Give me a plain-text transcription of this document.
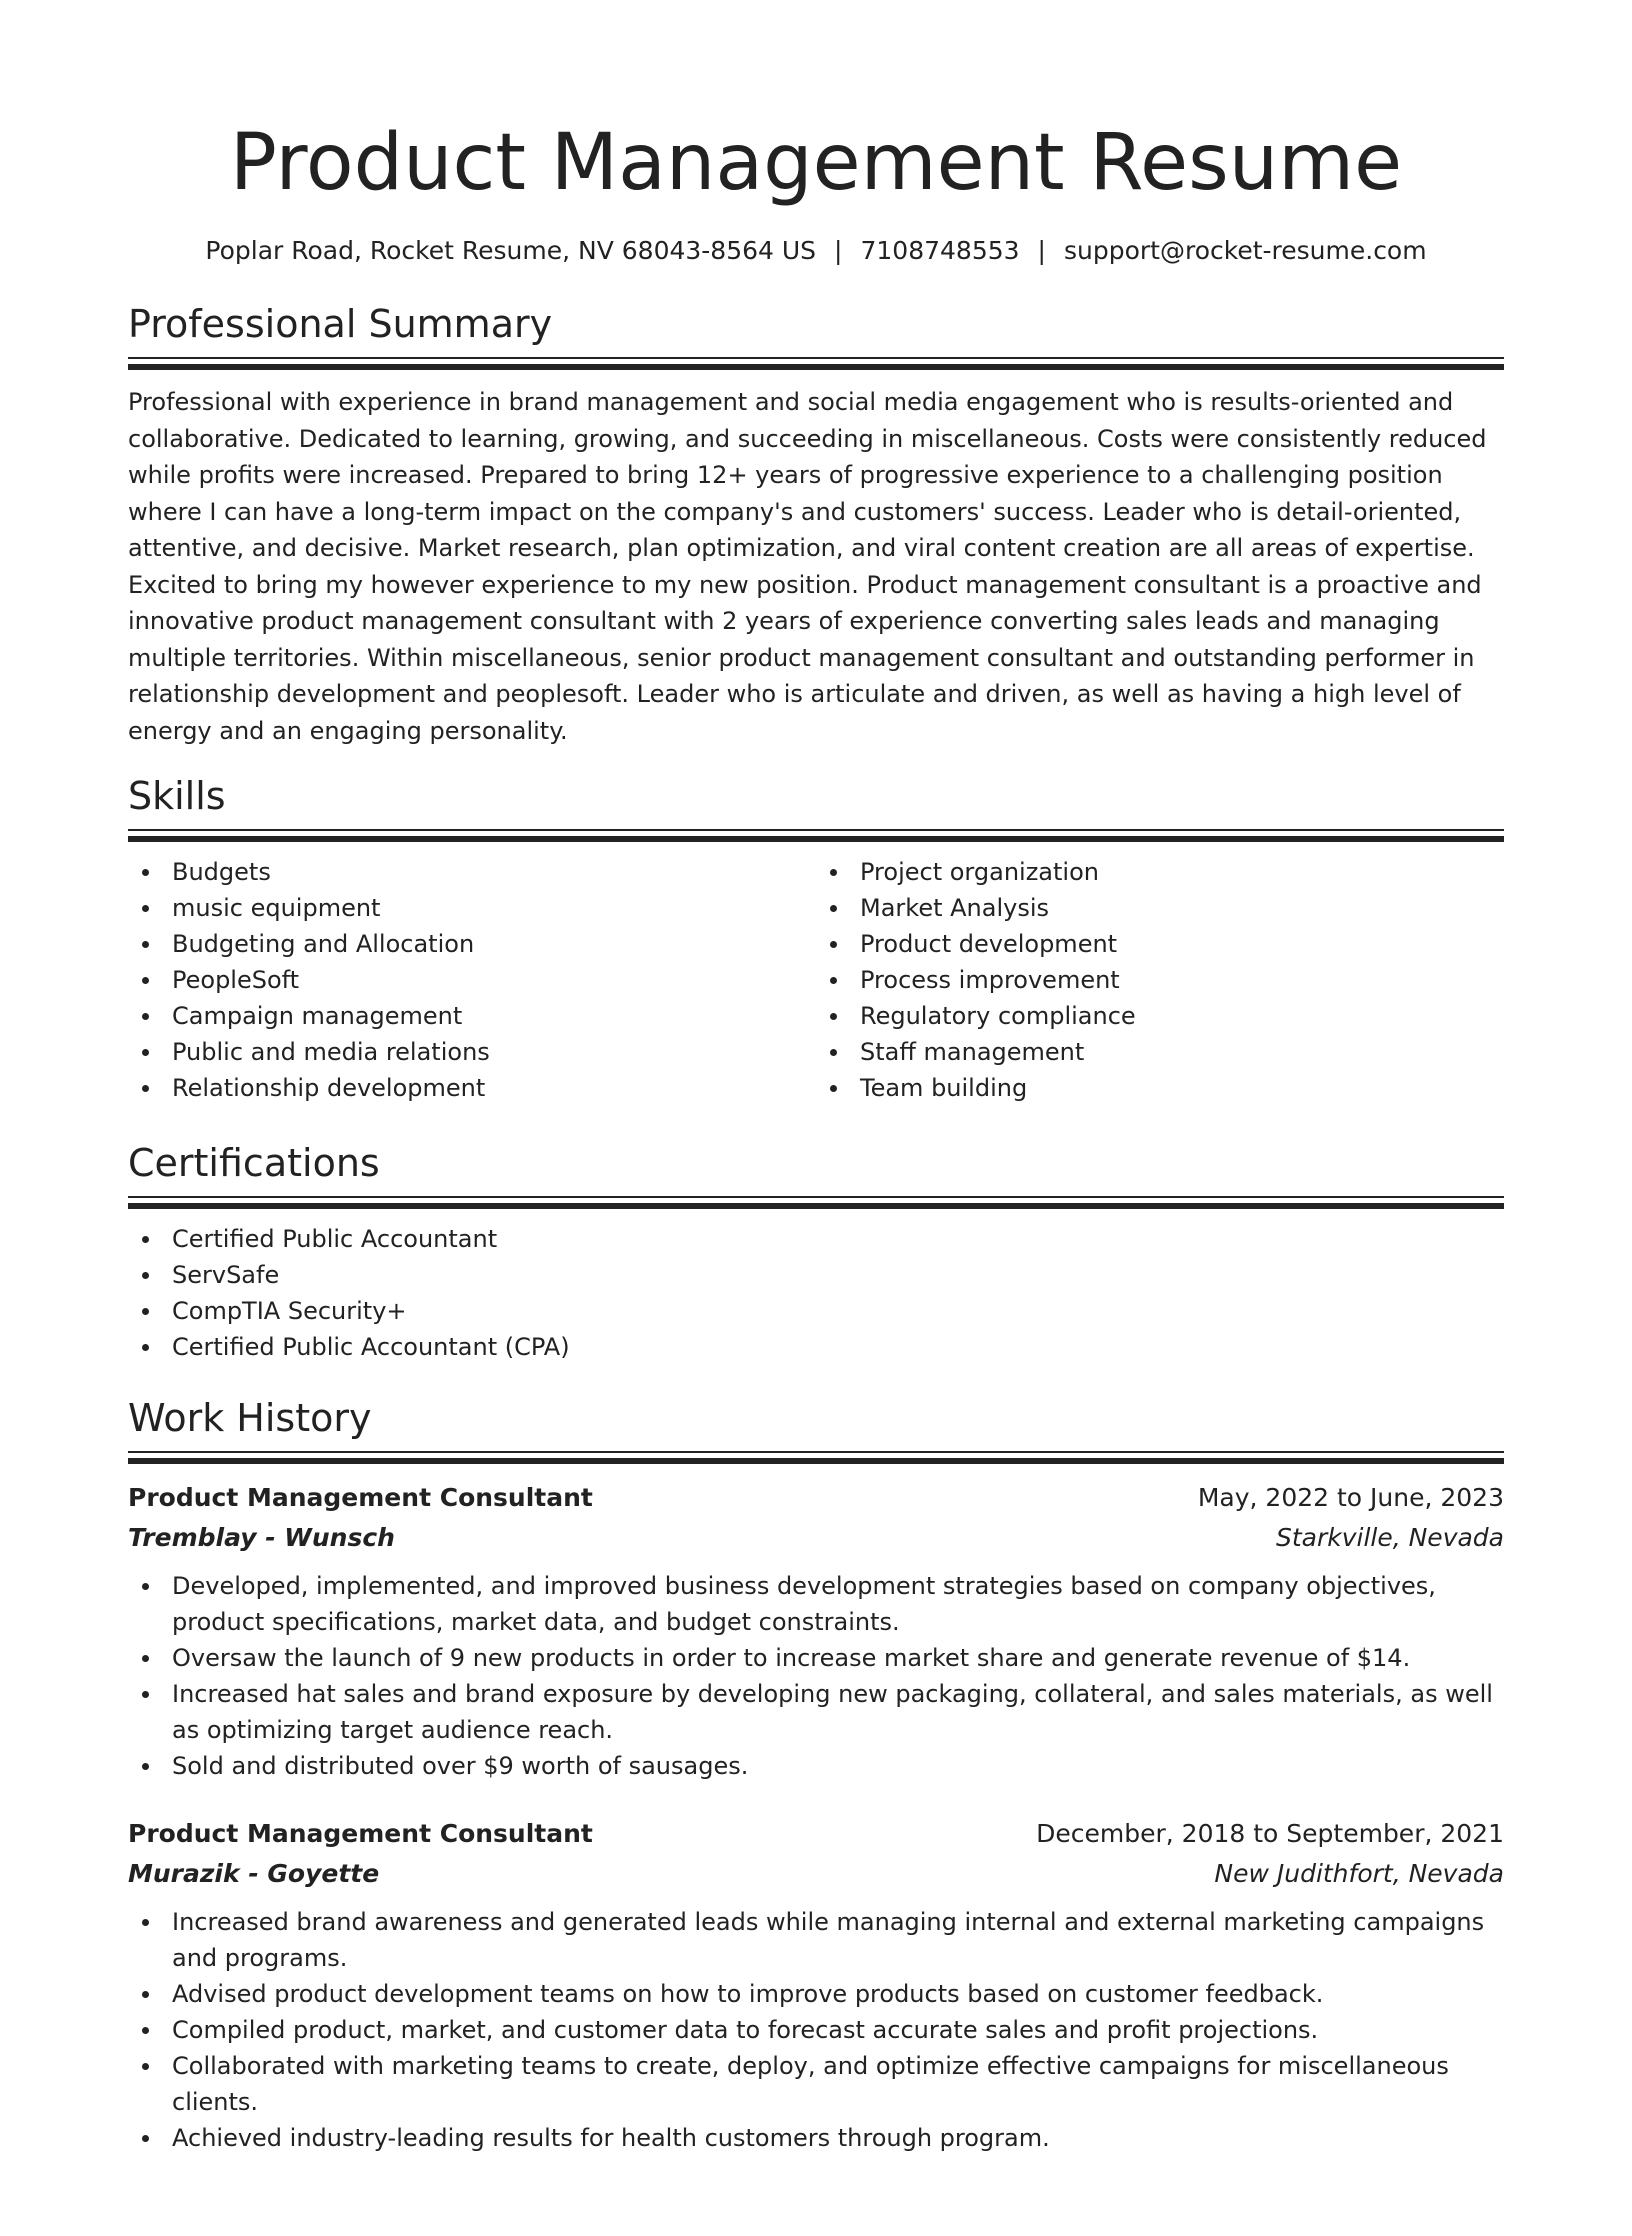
Product Management Resume
Poplar Road, Rocket Resume, NV 68043-8564 US | 7108748553 | support@rocket-resume.com
Professional Summary

Professional with experience in brand management and social media engagement who is results-oriented and collaborative. Dedicated to learning, growing, and succeeding in miscellaneous. Costs were consistently reduced while profits were increased. Prepared to bring 12+ years of progressive experience to a challenging position where I can have a long-term impact on the company's and customers' success. Leader who is detail-oriented, attentive, and decisive. Market research, plan optimization, and viral content creation are all areas of expertise. Excited to bring my however experience to my new position. Product management consultant is a proactive and innovative product management consultant with 2 years of experience converting sales leads and managing multiple territories. Within miscellaneous, senior product management consultant and outstanding performer in relationship development and peoplesoft. Leader who is articulate and driven, as well as having a high level of energy and an engaging personality.

Skills
Budgets
music equipment
Budgeting and Allocation
PeopleSoft
Campaign management
Public and media relations
Relationship development
Project organization
Market Analysis
Product development
Process improvement
Regulatory compliance
Staff management
Team building
Certifications
Certified Public Accountant
ServSafe
CompTIA Security+
Certified Public Accountant (CPA)
Work History
Product Management Consultant	May, 2022 to June, 2023
Tremblay - Wunsch	Starkville, Nevada
Developed, implemented, and improved business development strategies based on company objectives, product specifications, market data, and budget constraints.
Oversaw the launch of 9 new products in order to increase market share and generate revenue of $14.
Increased hat sales and brand exposure by developing new packaging, collateral, and sales materials, as well as optimizing target audience reach.
Sold and distributed over $9 worth of sausages.
Product Management Consultant	December, 2018 to September, 2021
Murazik - Goyette	New Judithfort, Nevada
Increased brand awareness and generated leads while managing internal and external marketing campaigns and programs.
Advised product development teams on how to improve products based on customer feedback.
Compiled product, market, and customer data to forecast accurate sales and profit projections.
Collaborated with marketing teams to create, deploy, and optimize effective campaigns for miscellaneous clients.
Achieved industry-leading results for health customers through program.
